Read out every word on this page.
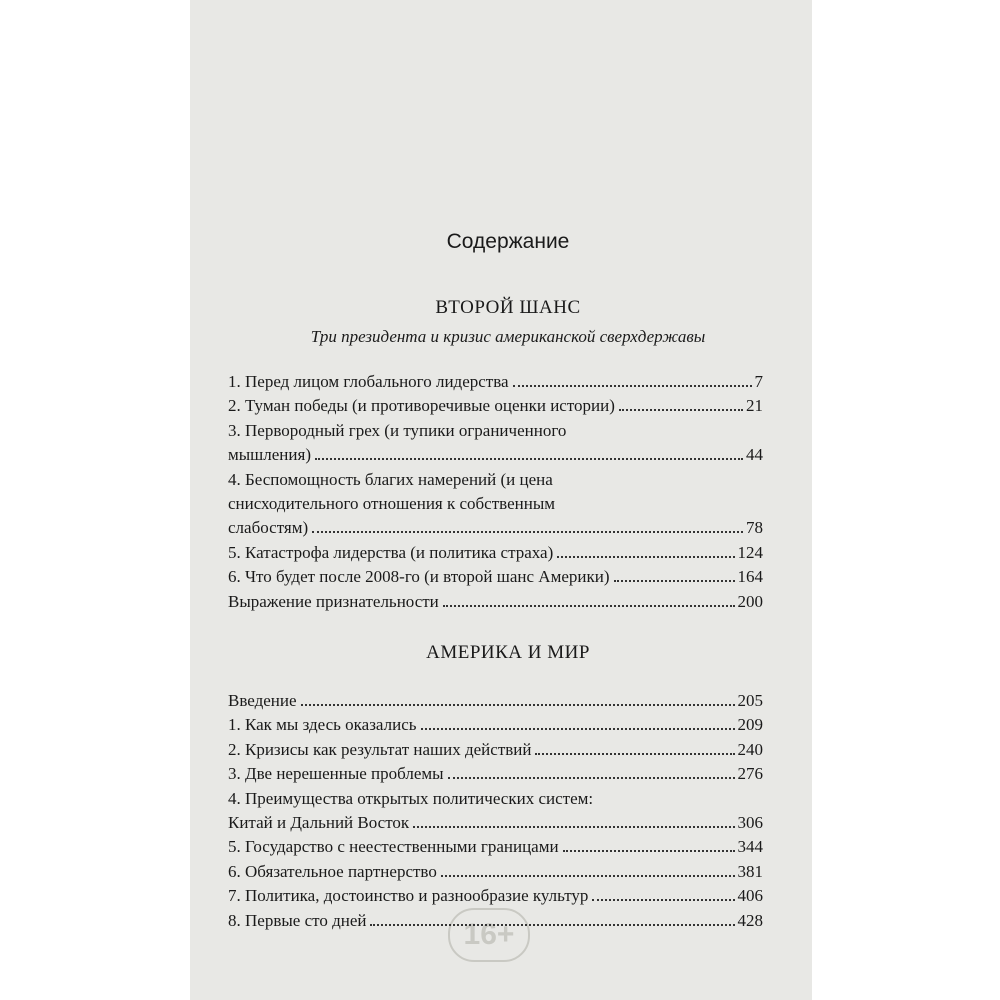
16+
Содержание
ВТОРОЙ ШАНС
Три президента и кризис американской сверхдержавы
1. Перед лицом глобального лидерства	7
2. Туман победы (и противоречивые оценки истории)	21
3. Первородный грех (и тупики ограниченного
мышления)	44
4. Беспомощность благих намерений (и цена
снисходительного отношения к собственным
слабостям)	78
5. Катастрофа лидерства (и политика страха)	124
6. Что будет после 2008-го (и второй шанс Америки)	164
Выражение признательности	200
АМЕРИКА И МИР
Введение	205
1. Как мы здесь оказались	209
2. Кризисы как результат наших действий	240
3. Две нерешенные проблемы	276
4. Преимущества открытых политических систем:
Китай и Дальний Восток	306
5. Государство с неестественными границами	344
6. Обязательное партнерство	381
7. Политика, достоинство и разнообразие культур	406
8. Первые сто дней	428
